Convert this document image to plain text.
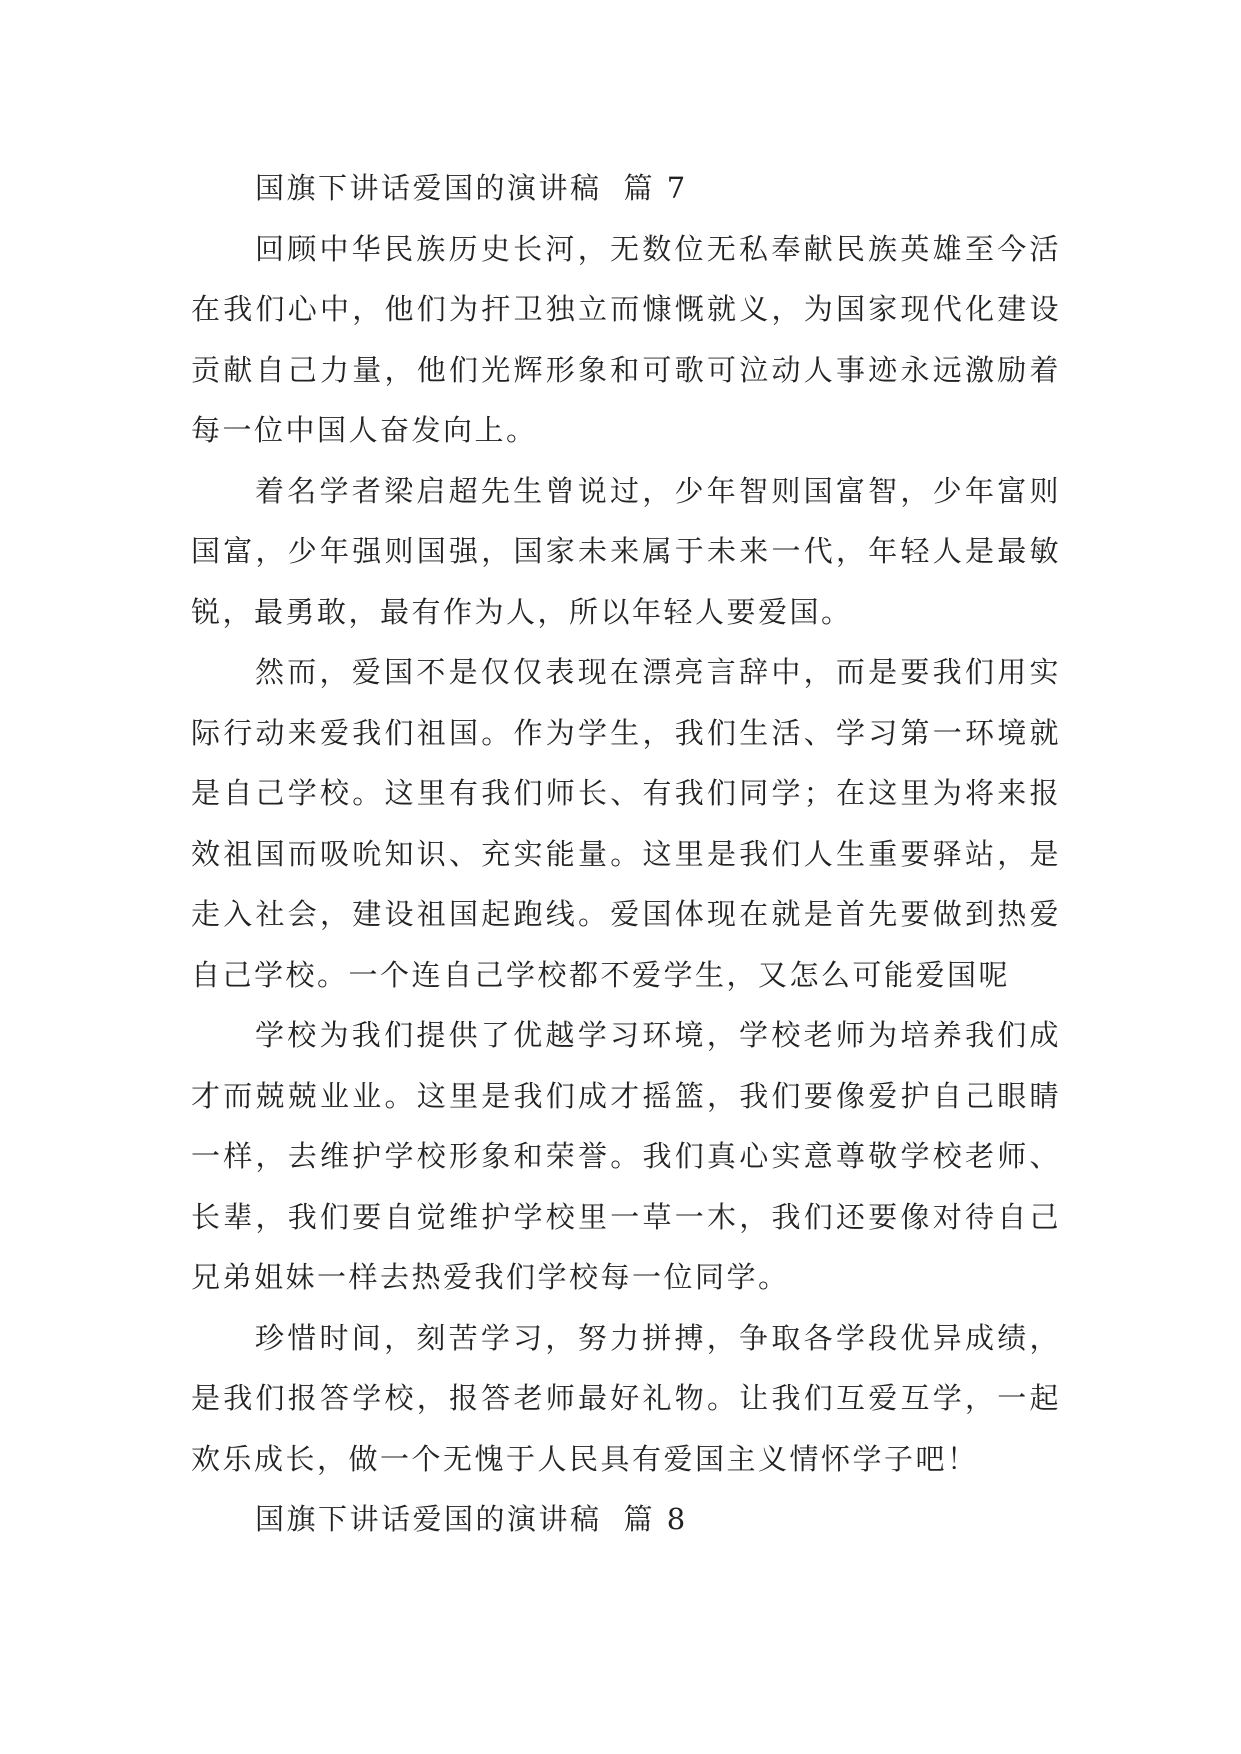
国旗下讲话爱国的演讲稿 篇 7

回顾中华民族历史长河，无数位无私奉献民族英雄至今活在我们心中，他们为扞卫独立而慷慨就义，为国家现代化建设贡献自己力量，他们光辉形象和可歌可泣动人事迹永远激励着每一位中国人奋发向上。

着名学者梁启超先生曾说过，少年智则国富智，少年富则国富，少年强则国强，国家未来属于未来一代，年轻人是最敏锐，最勇敢，最有作为人，所以年轻人要爱国。

然而，爱国不是仅仅表现在漂亮言辞中，而是要我们用实际行动来爱我们祖国。作为学生，我们生活、学习第一环境就是自己学校。这里有我们师长、有我们同学；在这里为将来报效祖国而吸吮知识、充实能量。这里是我们人生重要驿站，是走入社会，建设祖国起跑线。爱国体现在就是首先要做到热爱自己学校。一个连自己学校都不爱学生，又怎么可能爱国呢

学校为我们提供了优越学习环境，学校老师为培养我们成才而兢兢业业。这里是我们成才摇篮，我们要像爱护自己眼睛一样，去维护学校形象和荣誉。我们真心实意尊敬学校老师、长辈，我们要自觉维护学校里一草一木，我们还要像对待自己兄弟姐妹一样去热爱我们学校每一位同学。

珍惜时间，刻苦学习，努力拼搏，争取各学段优异成绩，是我们报答学校，报答老师最好礼物。让我们互爱互学，一起欢乐成长，做一个无愧于人民具有爱国主义情怀学子吧！

国旗下讲话爱国的演讲稿 篇 8
